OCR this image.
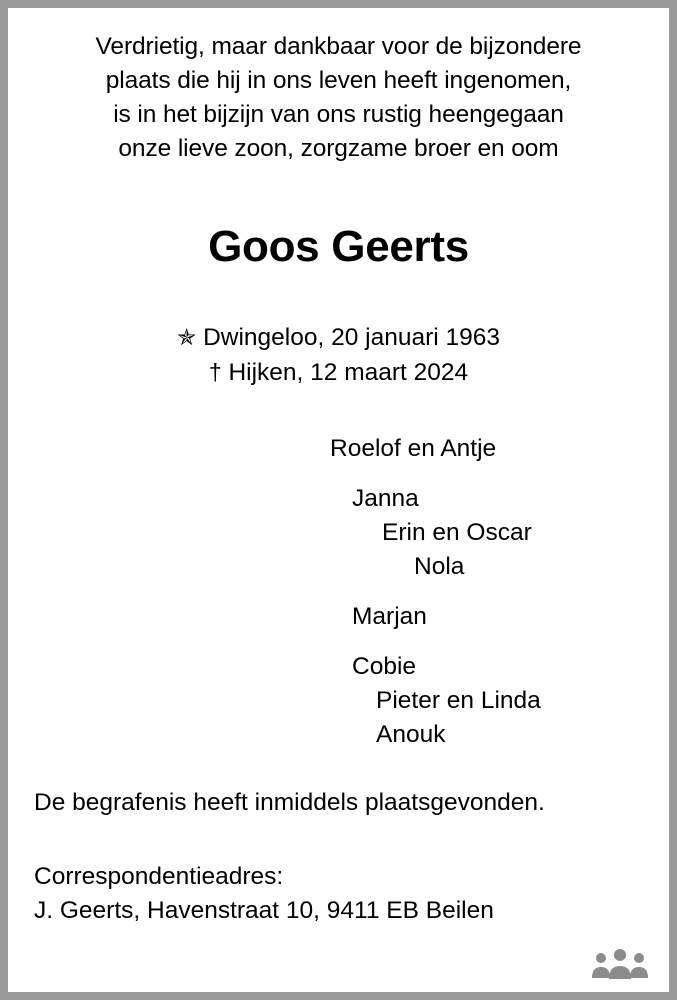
Verdrietig, maar dankbaar voor de bijzondere
plaats die hij in ons leven heeft ingenomen,
is in het bijzijn van ons rustig heengegaan
onze lieve zoon, zorgzame broer en oom
Goos Geerts
✯ Dwingeloo, 20 januari 1963
† Hijken, 12 maart 2024
Roelof en Antje
Janna
Erin en Oscar
Nola
Marjan
Cobie
Pieter en Linda
Anouk
De begrafenis heeft inmiddels plaatsgevonden.
Correspondentieadres:
J. Geerts, Havenstraat 10, 9411 EB Beilen
